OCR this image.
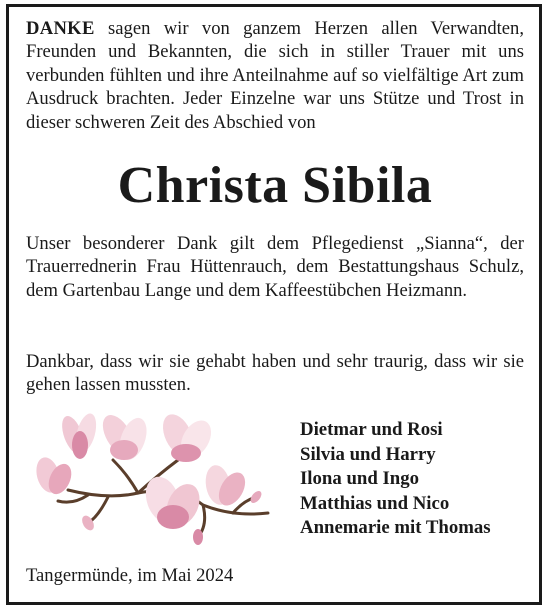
DANKE sagen wir von ganzem Herzen allen Verwandten, Freunden und Bekannten, die sich in stiller Trauer mit uns verbunden fühlten und ihre Anteilnahme auf so vielfältige Art zum Ausdruck brachten. Jeder Einzelne war uns Stütze und Trost in dieser schweren Zeit des Abschied von

Christa Sibila

Unser besonderer Dank gilt dem Pflegedienst „Sianna“, der Trauerrednerin Frau Hüttenrauch, dem Bestattungshaus Schulz, dem Gartenbau Lange und dem Kaffeestübchen Heizmann.

Dankbar, dass wir sie gehabt haben und sehr traurig, dass wir sie gehen lassen mussten.

Dietmar und Rosi
Silvia und Harry
Ilona und Ingo
Matthias und Nico
Annemarie mit Thomas
Tangermünde, im Mai 2024
